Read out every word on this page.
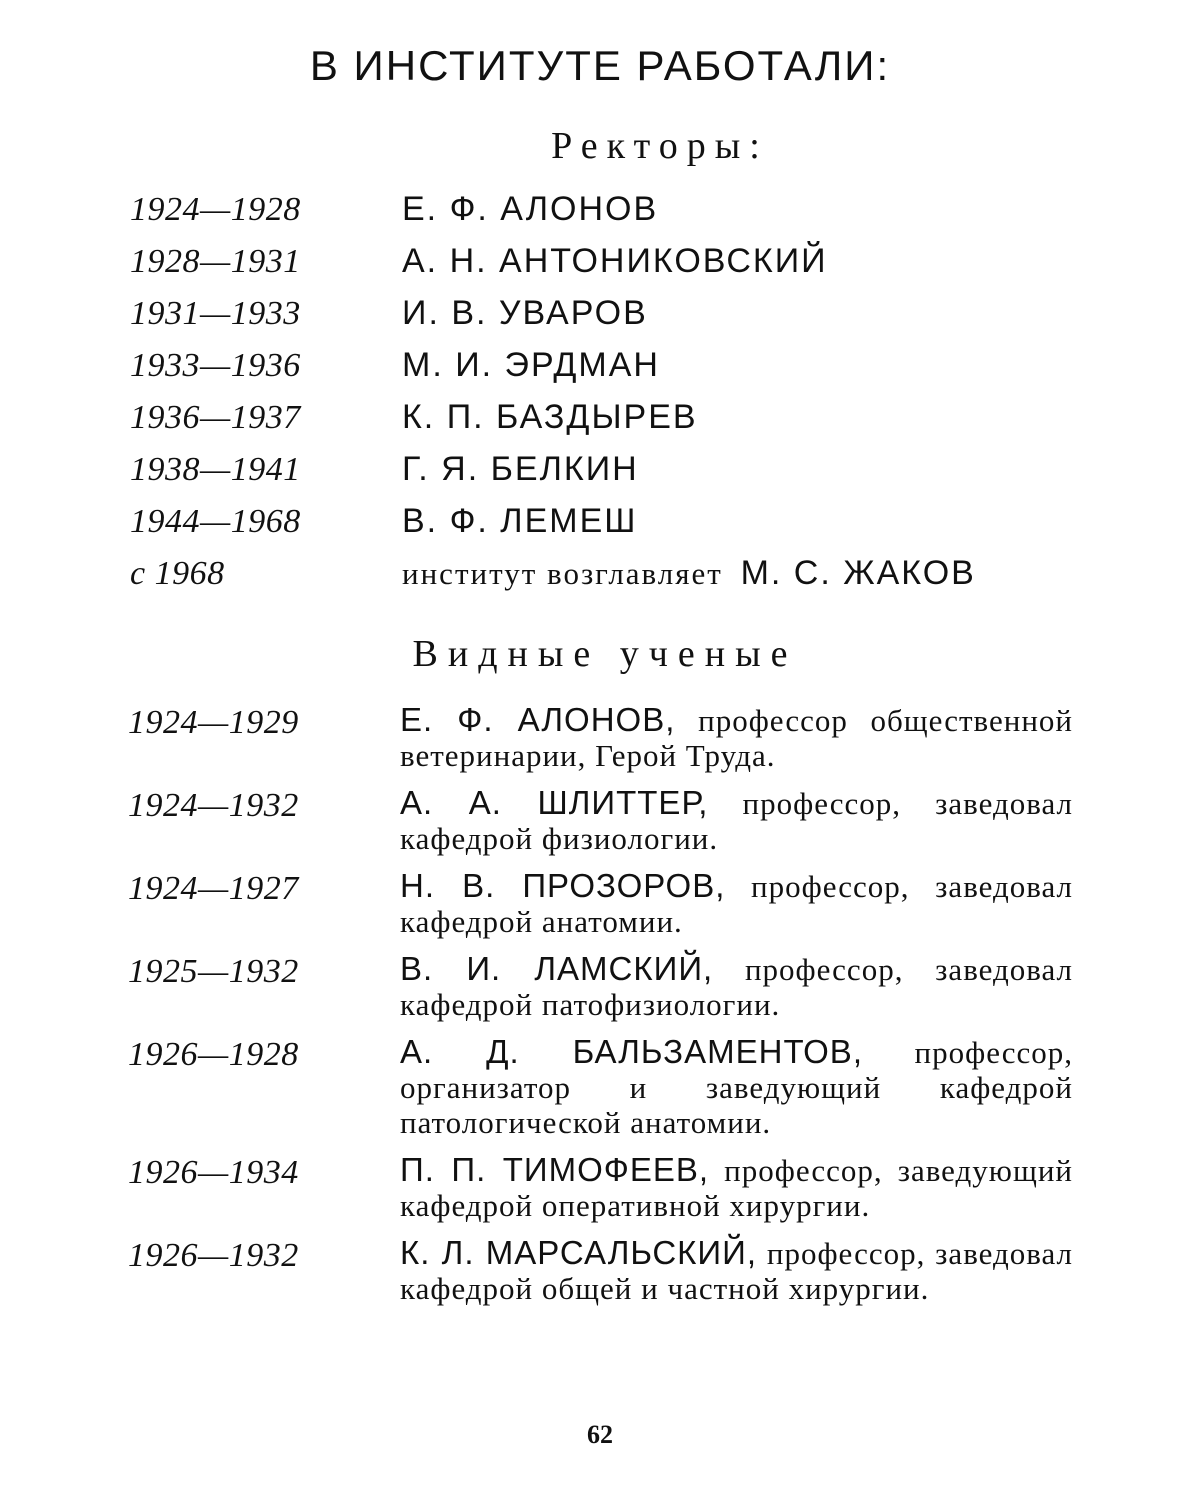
В ИНСТИТУТЕ РАБОТАЛИ:
Ректоры:
1924—1928	Е. Ф. АЛОНОВ
1928—1931	А. Н. АНТОНИКОВСКИЙ
1931—1933	И. В. УВАРОВ
1933—1936	М. И. ЭРДМАН
1936—1937	К. П. БАЗДЫРЕВ
1938—1941	Г. Я. БЕЛКИН
1944—1968	В. Ф. ЛЕМЕШ
с 1968	институт возглавляет М. С. ЖАКОВ
Видные ученые
1924—1929	Е. Ф. АЛОНОВ, профессор общественной ветеринарии, Герой Труда.
1924—1932	А. А. ШЛИТТЕР, профессор, заведовал кафедрой физиологии.
1924—1927	Н. В. ПРОЗОРОВ, профессор, заведовал кафедрой анатомии.
1925—1932	В. И. ЛАМСКИЙ, профессор, заведовал кафедрой патофизиологии.
1926—1928	А. Д. БАЛЬЗАМЕНТОВ, профессор, организатор и заведующий кафедрой патологической анатомии.
1926—1934	П. П. ТИМОФЕЕВ, профессор, заведующий кафедрой оперативной хирургии.
1926—1932	К. Л. МАРСАЛЬСКИЙ, профессор, заведовал кафедрой общей и частной хирургии.
62
